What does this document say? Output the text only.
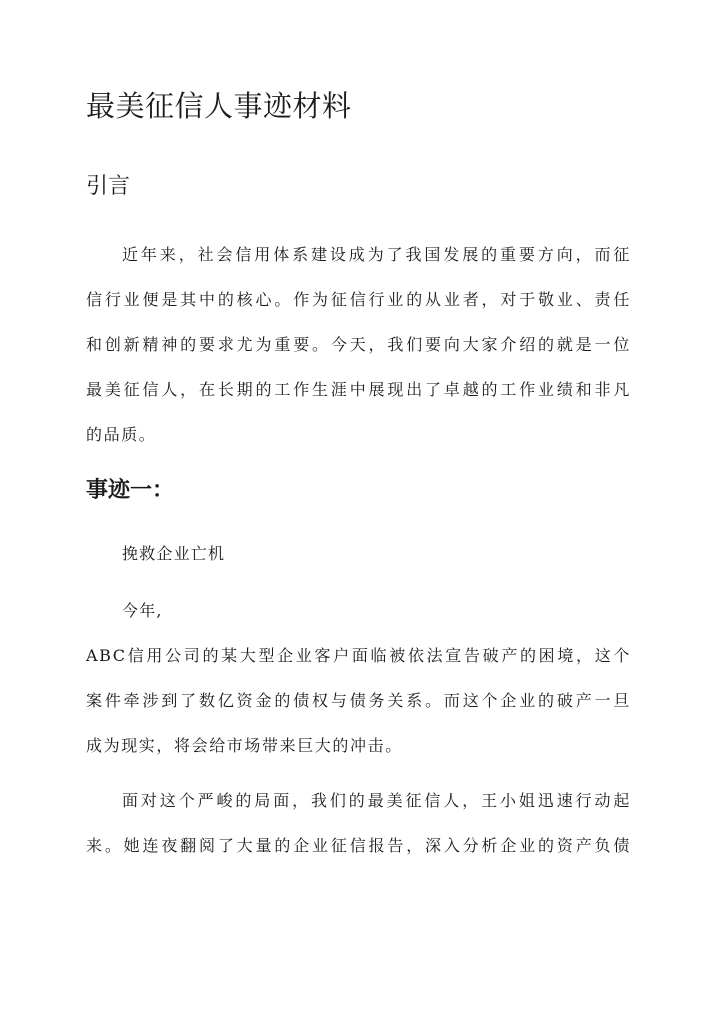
最美征信人事迹材料
引言
近年来，社会信用体系建设成为了我国发展的重要方向，而征
信行业便是其中的核心。作为征信行业的从业者，对于敬业、责任
和创新精神的要求尤为重要。今天，我们要向大家介绍的就是一位
最美征信人，在长期的工作生涯中展现出了卓越的工作业绩和非凡
的品质。
事迹一：

挽救企业亡机

今年,

ABC信用公司的某大型企业客户面临被依法宣告破产的困境，这个
案件牵涉到了数亿资金的债权与债务关系。而这个企业的破产一旦
成为现实，将会给市场带来巨大的冲击。
面对这个严峻的局面，我们的最美征信人，王小姐迅速行动起
来。她连夜翻阅了大量的企业征信报告，深入分析企业的资产负债
